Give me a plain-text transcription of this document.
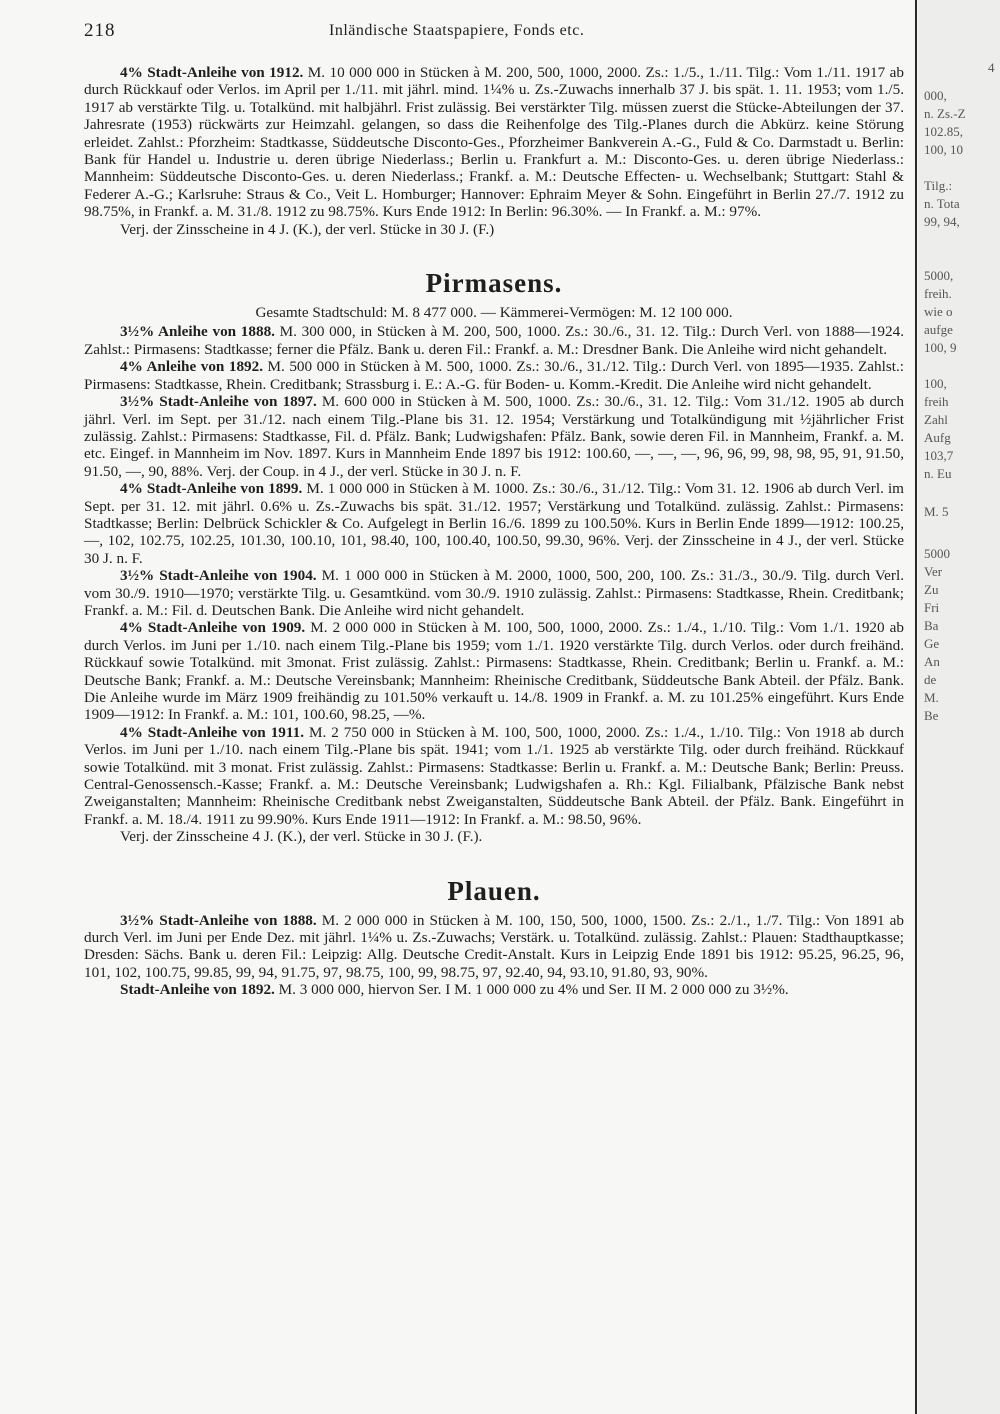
218	Inländische Staatspapiere, Fonds etc.

4% Stadt-Anleihe von 1912. M. 10 000 000 in Stücken à M. 200, 500, 1000, 2000. Zs.: 1./5., 1./11. Tilg.: Vom 1./11. 1917 ab durch Rückkauf oder Verlos. im April per 1./11. mit jährl. mind. 1¼% u. Zs.-Zuwachs innerhalb 37 J. bis spät. 1. 11. 1953; vom 1./5. 1917 ab verstärkte Tilg. u. Totalkünd. mit halbjährl. Frist zulässig. Bei verstärkter Tilg. müssen zuerst die Stücke-Abteilungen der 37. Jahresrate (1953) rückwärts zur Heimzahl. gelangen, so dass die Reihenfolge des Tilg.-Planes durch die Abkürz. keine Störung erleidet. Zahlst.: Pforzheim: Stadtkasse, Süddeutsche Disconto-Ges., Pforzheimer Bankverein A.-G., Fuld & Co. Darmstadt u. Berlin: Bank für Handel u. Industrie u. deren übrige Niederlass.; Berlin u. Frankfurt a. M.: Disconto-Ges. u. deren übrige Niederlass.: Mannheim: Süddeutsche Disconto-Ges. u. deren Niederlass.; Frankf. a. M.: Deutsche Effecten- u. Wechselbank; Stuttgart: Stahl & Federer A.-G.; Karlsruhe: Straus & Co., Veit L. Homburger; Hannover: Ephraim Meyer & Sohn. Eingeführt in Berlin 27./7. 1912 zu 98.75%, in Frankf. a. M. 31./8. 1912 zu 98.75%. Kurs Ende 1912: In Berlin: 96.30%. — In Frankf. a. M.: 97%.

Verj. der Zinsscheine in 4 J. (K.), der verl. Stücke in 30 J. (F.)

Pirmasens.

Gesamte Stadtschuld: M. 8 477 000. — Kämmerei-Vermögen: M. 12 100 000.

3½% Anleihe von 1888. M. 300 000, in Stücken à M. 200, 500, 1000. Zs.: 30./6., 31. 12. Tilg.: Durch Verl. von 1888—1924. Zahlst.: Pirmasens: Stadtkasse; ferner die Pfälz. Bank u. deren Fil.: Frankf. a. M.: Dresdner Bank. Die Anleihe wird nicht gehandelt.

4% Anleihe von 1892. M. 500 000 in Stücken à M. 500, 1000. Zs.: 30./6., 31./12. Tilg.: Durch Verl. von 1895—1935. Zahlst.: Pirmasens: Stadtkasse, Rhein. Creditbank; Strassburg i. E.: A.-G. für Boden- u. Komm.-Kredit. Die Anleihe wird nicht gehandelt.

3½% Stadt-Anleihe von 1897. M. 600 000 in Stücken à M. 500, 1000. Zs.: 30./6., 31. 12. Tilg.: Vom 31./12. 1905 ab durch jährl. Verl. im Sept. per 31./12. nach einem Tilg.-Plane bis 31. 12. 1954; Verstärkung und Totalkündigung mit ½jährlicher Frist zulässig. Zahlst.: Pirmasens: Stadtkasse, Fil. d. Pfälz. Bank; Ludwigshafen: Pfälz. Bank, sowie deren Fil. in Mannheim, Frankf. a. M. etc. Eingef. in Mannheim im Nov. 1897. Kurs in Mannheim Ende 1897 bis 1912: 100.60, —, —, —, 96, 96, 99, 98, 98, 95, 91, 91.50, 91.50, —, 90, 88%. Verj. der Coup. in 4 J., der verl. Stücke in 30 J. n. F.

4% Stadt-Anleihe von 1899. M. 1 000 000 in Stücken à M. 1000. Zs.: 30./6., 31./12. Tilg.: Vom 31. 12. 1906 ab durch Verl. im Sept. per 31. 12. mit jährl. 0.6% u. Zs.-Zuwachs bis spät. 31./12. 1957; Verstärkung und Totalkünd. zulässig. Zahlst.: Pirmasens: Stadtkasse; Berlin: Delbrück Schickler & Co. Aufgelegt in Berlin 16./6. 1899 zu 100.50%. Kurs in Berlin Ende 1899—1912: 100.25, —, 102, 102.75, 102.25, 101.30, 100.10, 101, 98.40, 100, 100.40, 100.50, 99.30, 96%. Verj. der Zinsscheine in 4 J., der verl. Stücke 30 J. n. F.

3½% Stadt-Anleihe von 1904. M. 1 000 000 in Stücken à M. 2000, 1000, 500, 200, 100. Zs.: 31./3., 30./9. Tilg. durch Verl. vom 30./9. 1910—1970; verstärkte Tilg. u. Gesamtkünd. vom 30./9. 1910 zulässig. Zahlst.: Pirmasens: Stadtkasse, Rhein. Creditbank; Frankf. a. M.: Fil. d. Deutschen Bank. Die Anleihe wird nicht gehandelt.

4% Stadt-Anleihe von 1909. M. 2 000 000 in Stücken à M. 100, 500, 1000, 2000. Zs.: 1./4., 1./10. Tilg.: Vom 1./1. 1920 ab durch Verlos. im Juni per 1./10. nach einem Tilg.-Plane bis 1959; vom 1./1. 1920 verstärkte Tilg. durch Verlos. oder durch freihänd. Rückkauf sowie Totalkünd. mit 3monat. Frist zulässig. Zahlst.: Pirmasens: Stadtkasse, Rhein. Creditbank; Berlin u. Frankf. a. M.: Deutsche Bank; Frankf. a. M.: Deutsche Vereinsbank; Mannheim: Rheinische Creditbank, Süddeutsche Bank Abteil. der Pfälz. Bank. Die Anleihe wurde im März 1909 freihändig zu 101.50% verkauft u. 14./8. 1909 in Frankf. a. M. zu 101.25% eingeführt. Kurs Ende 1909—1912: In Frankf. a. M.: 101, 100.60, 98.25, —%.

4% Stadt-Anleihe von 1911. M. 2 750 000 in Stücken à M. 100, 500, 1000, 2000. Zs.: 1./4., 1./10. Tilg.: Von 1918 ab durch Verlos. im Juni per 1./10. nach einem Tilg.-Plane bis spät. 1941; vom 1./1. 1925 ab verstärkte Tilg. oder durch freihänd. Rückkauf sowie Totalkünd. mit 3 monat. Frist zulässig. Zahlst.: Pirmasens: Stadtkasse: Berlin u. Frankf. a. M.: Deutsche Bank; Berlin: Preuss. Central-Genossensch.-Kasse; Frankf. a. M.: Deutsche Vereinsbank; Ludwigshafen a. Rh.: Kgl. Filialbank, Pfälzische Bank nebst Zweiganstalten; Mannheim: Rheinische Creditbank nebst Zweiganstalten, Süddeutsche Bank Abteil. der Pfälz. Bank. Eingeführt in Frankf. a. M. 18./4. 1911 zu 99.90%. Kurs Ende 1911—1912: In Frankf. a. M.: 98.50, 96%.

Verj. der Zinsscheine 4 J. (K.), der verl. Stücke in 30 J. (F.).

Plauen.

3½% Stadt-Anleihe von 1888. M. 2 000 000 in Stücken à M. 100, 150, 500, 1000, 1500. Zs.: 2./1., 1./7. Tilg.: Von 1891 ab durch Verl. im Juni per Ende Dez. mit jährl. 1¼% u. Zs.-Zuwachs; Verstärk. u. Totalkünd. zulässig. Zahlst.: Plauen: Stadthauptkasse; Dresden: Sächs. Bank u. deren Fil.: Leipzig: Allg. Deutsche Credit-Anstalt. Kurs in Leipzig Ende 1891 bis 1912: 95.25, 96.25, 96, 101, 102, 100.75, 99.85, 99, 94, 91.75, 97, 98.75, 100, 99, 98.75, 97, 92.40, 94, 93.10, 91.80, 93, 90%.

Stadt-Anleihe von 1892. M. 3 000 000, hiervon Ser. I M. 1 000 000 zu 4% und Ser. II M. 2 000 000 zu 3½%.

4
000,
n. Zs.-Z
102.85,
100, 10
Tilg.:
n. Tota
99, 94,
5000,
freih.
wie o
aufge
100, 9
100,
freih
Zahl
Aufg
103,7
n. Eu
M. 5
5000
Ver
Zu
Fri
Ba
Ge
An
de
M.
Be
